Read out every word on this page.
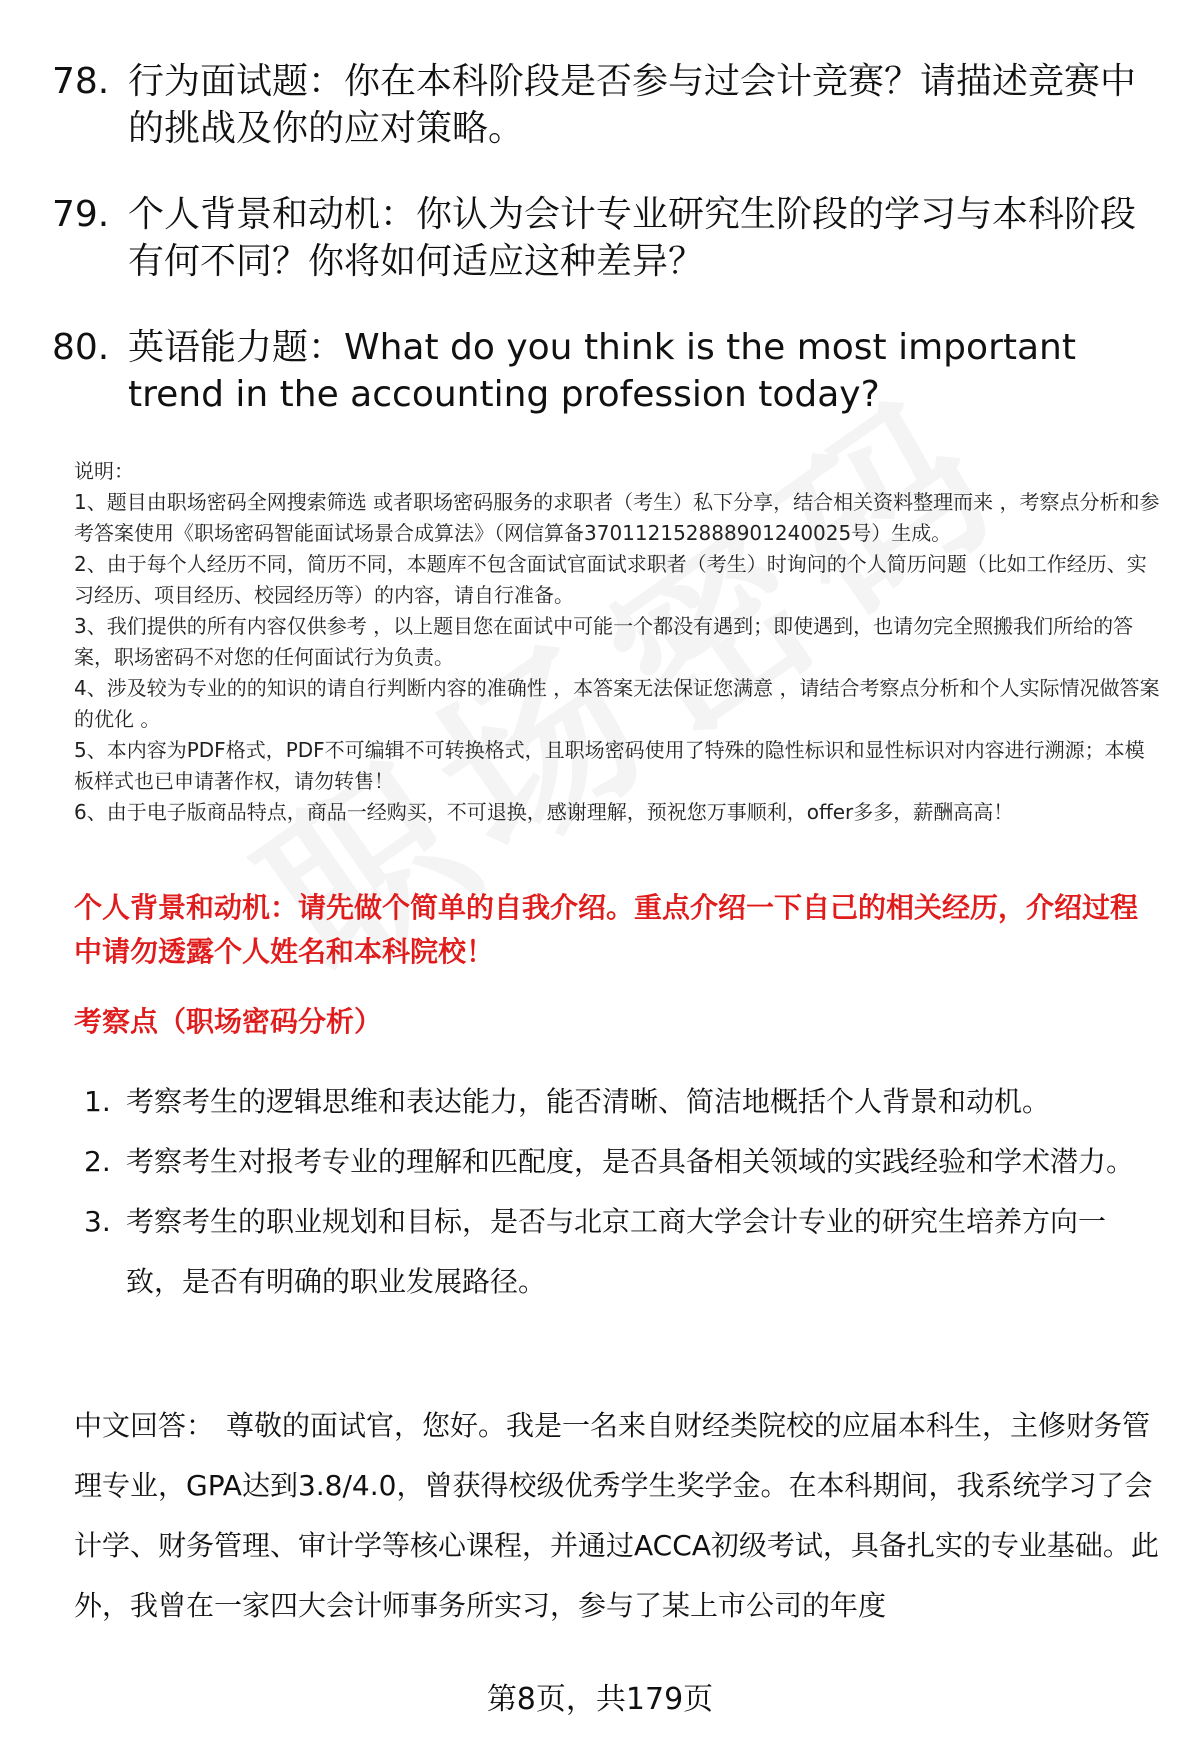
78. 行为面试题：你在本科阶段是否参与过会计竞赛？请描述竞赛中的挑战及你的应对策略。
79. 个人背景和动机：你认为会计专业研究生阶段的学习与本科阶段有何不同？你将如何适应这种差异？
80. 英语能力题：What do you think is the most important trend in the accounting profession today?

说明：

1、题目由职场密码全网搜索筛选 或者职场密码服务的求职者（考生）私下分享，结合相关资料整理而来 ，考察点分析和参考答案使用《职场密码智能面试场景合成算法》（网信算备370112152888901240025号）生成。

2、由于每个人经历不同，简历不同，本题库不包含面试官面试求职者（考生）时询问的个人简历问题（比如工作经历、实习经历、项目经历、校园经历等）的内容，请自行准备。

3、我们提供的所有内容仅供参考 ，以上题目您在面试中可能一个都没有遇到；即使遇到，也请勿完全照搬我们所给的答案，职场密码不对您的任何面试行为负责。

4、涉及较为专业的的知识的请自行判断内容的准确性 ，本答案无法保证您满意 ，请结合考察点分析和个人实际情况做答案的优化 。

5、本内容为PDF格式，PDF不可编辑不可转换格式，且职场密码使用了特殊的隐性标识和显性标识对内容进行溯源；本模板样式也已申请著作权，请勿转售！

6、由于电子版商品特点，商品一经购买，不可退换，感谢理解，预祝您万事顺利，offer多多，薪酬高高！

个人背景和动机：请先做个简单的自我介绍。重点介绍一下自己的相关经历，介绍过程中请勿透露个人姓名和本科院校！
考察点（职场密码分析）
1. 考察考生的逻辑思维和表达能力，能否清晰、简洁地概括个人背景和动机。
2. 考察考生对报考专业的理解和匹配度，是否具备相关领域的实践经验和学术潜力。
3. 考察考生的职业规划和目标，是否与北京工商大学会计专业的研究生培养方向一致，是否有明确的职业发展路径。
中文回答： 尊敬的面试官，您好。我是一名来自财经类院校的应届本科生，主修财务管理专业，GPA达到3.8/4.0，曾获得校级优秀学生奖学金。在本科期间，我系统学习了会计学、财务管理、审计学等核心课程，并通过ACCA初级考试，具备扎实的专业基础。此外，我曾在一家四大会计师事务所实习，参与了某上市公司的年度
第8页，共179页
